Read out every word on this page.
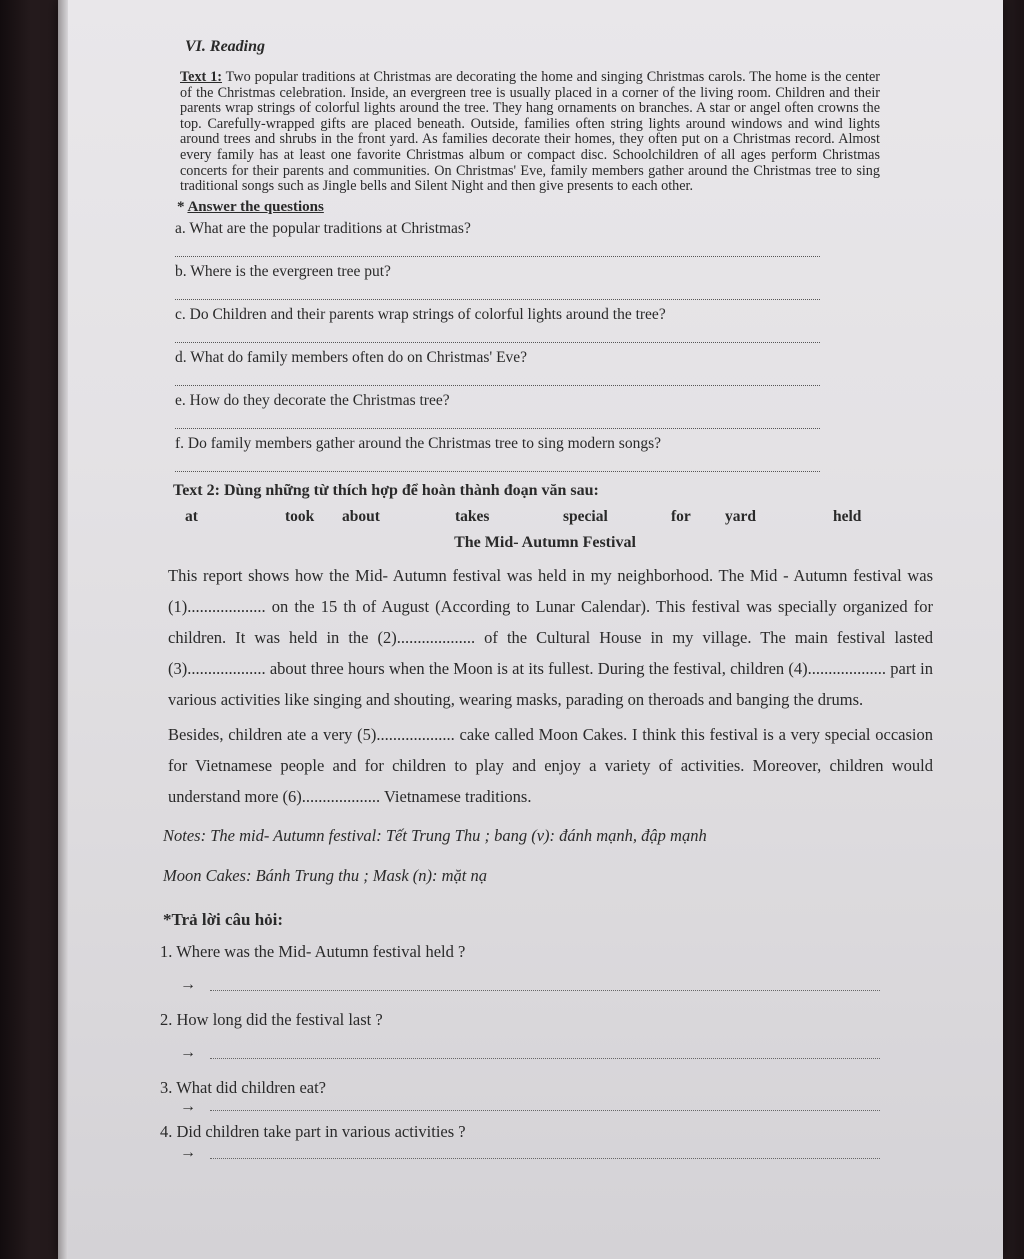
VI. Reading

Text 1: Two popular traditions at Christmas are decorating the home and singing Christmas carols. The home is the center of the Christmas celebration. Inside, an evergreen tree is usually placed in a corner of the living room. Children and their parents wrap strings of colorful lights around the tree. They hang ornaments on branches. A star or angel often crowns the top. Carefully-wrapped gifts are placed beneath. Outside, families often string lights around windows and wind lights around trees and shrubs in the front yard. As families decorate their homes, they often put on a Christmas record. Almost every family has at least one favorite Christmas album or compact disc. Schoolchildren of all ages perform Christmas concerts for their parents and communities. On Christmas' Eve, family members gather around the Christmas tree to sing traditional songs such as Jingle bells and Silent Night and then give presents to each other.

* Answer the questions
a. What are the popular traditions at Christmas?
b. Where is the evergreen tree put?
c. Do Children and their parents wrap strings of colorful lights around the tree?
d. What do family members often do on Christmas' Eve?
e. How do they decorate the Christmas tree?
f. Do family members gather around the Christmas tree to sing modern songs?
Text 2: Dùng những từ thích hợp để hoàn thành đoạn văn sau:
at	took about	takes	special	for yard	held
The Mid- Autumn Festival

This report shows how the Mid- Autumn festival was held in my neighborhood. The Mid - Autumn festival was (1)................... on the 15 th of August (According to Lunar Calendar). This festival was specially organized for children. It was held in the (2)................... of the Cultural House in my village. The main festival lasted (3)................... about three hours when the Moon is at its fullest. During the festival, children (4)................... part in various activities like singing and shouting, wearing masks, parading on theroads and banging the drums.

Besides, children ate a very (5)................... cake called Moon Cakes. I think this festival is a very special occasion for Vietnamese people and for children to play and enjoy a variety of activities. Moreover, children would understand more (6)................... Vietnamese traditions.

Notes: The mid- Autumn festival: Tết Trung Thu ; bang (v): đánh mạnh, đập mạnh
Moon Cakes: Bánh Trung thu ; Mask (n): mặt nạ
*Trả lời câu hỏi:
1. Where was the Mid- Autumn festival held ?
→
2. How long did the festival last ?
→
3. What did children eat?
→
4. Did children take part in various activities ?
→
